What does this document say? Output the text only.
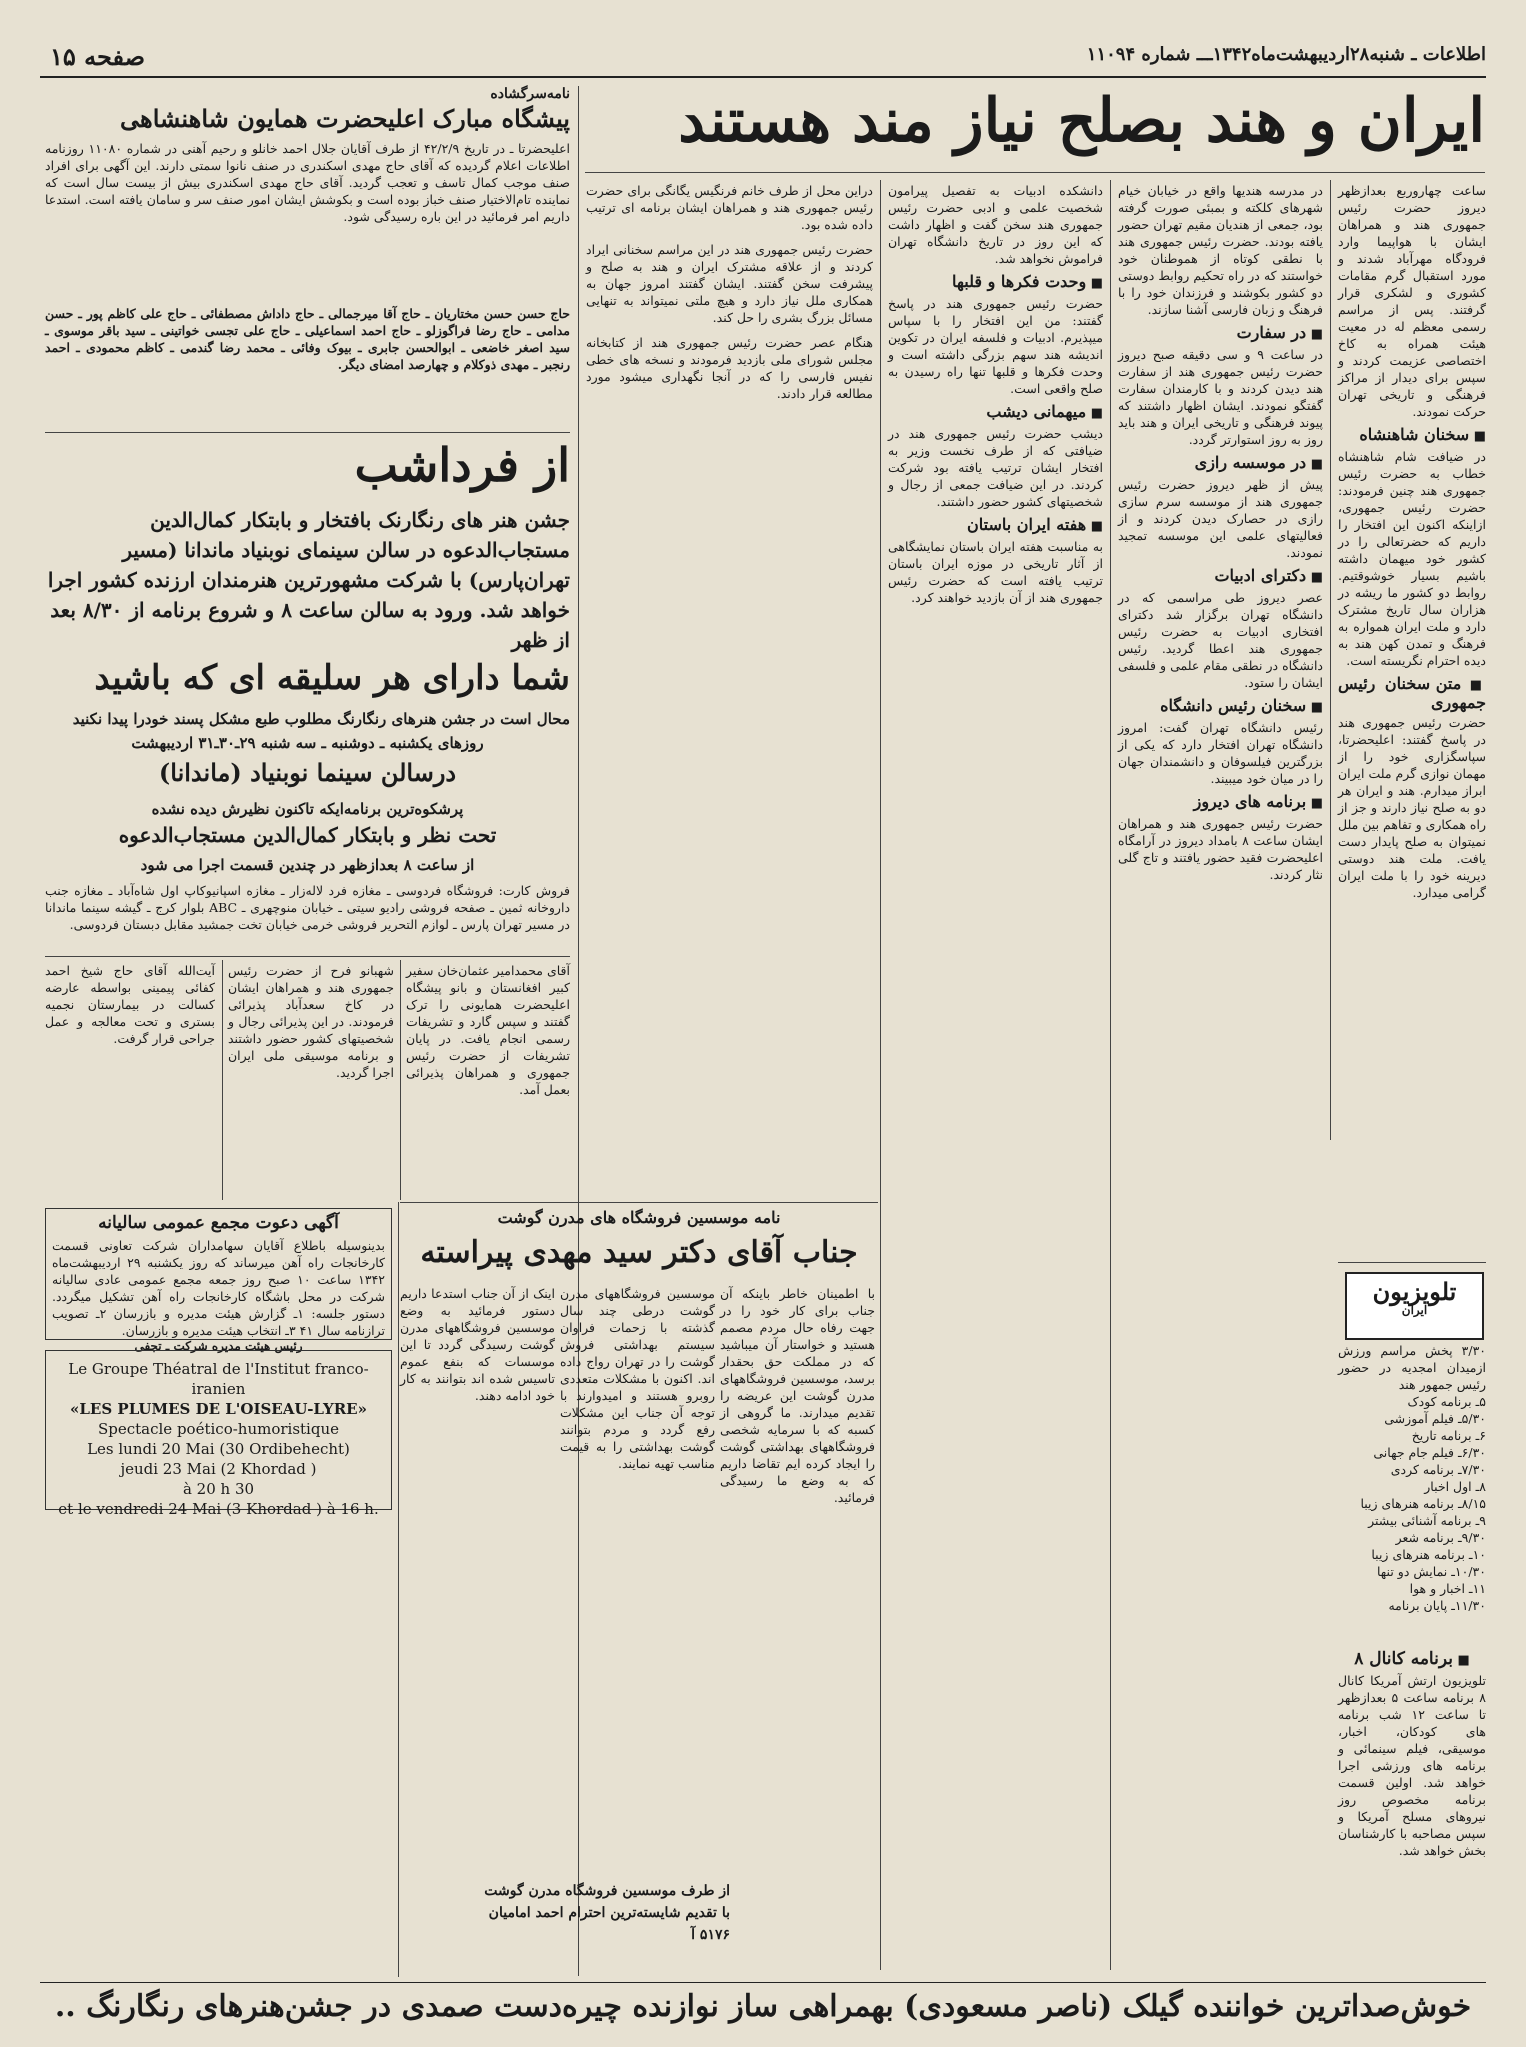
صفحه ۱۵	اطلاعات ـ شنبه۲۸اردیبهشت‌ماه۱۳۴۲ـــ شماره ۱۱۰۹۴
ایران و هند بصلح نیاز مند هستند
ساعت چهاروربع بعدازظهر دیروز حضرت رئیس جمهوری هند و همراهان ایشان با هواپیما وارد فرودگاه مهرآباد شدند و مورد استقبال گرم مقامات کشوری و لشکری قرار گرفتند. پس از مراسم رسمی معظم له در معیت هیئت همراه به کاخ اختصاصی عزیمت کردند و سپس برای دیدار از مراکز فرهنگی و تاریخی تهران حرکت نمودند.
■ سخنان شاهنشاه
در ضیافت شام شاهنشاه خطاب به حضرت رئیس جمهوری هند چنین فرمودند: حضرت رئیس جمهوری، ازاینکه اکنون این افتخار را داریم که حضرتعالی را در کشور خود میهمان داشته باشیم بسیار خوشوقتیم. روابط دو کشور ما ریشه در هزاران سال تاریخ مشترک دارد و ملت ایران همواره به فرهنگ و تمدن کهن هند به دیده احترام نگریسته است.
■ متن سخنان رئیس جمهوری
حضرت رئیس جمهوری هند در پاسخ گفتند: اعلیحضرتا، سپاسگزاری خود را از مهمان نوازی گرم ملت ایران ابراز میدارم. هند و ایران هر دو به صلح نیاز دارند و جز از راه همکاری و تفاهم بین ملل نمیتوان به صلح پایدار دست یافت. ملت هند دوستی دیرینه خود را با ملت ایران گرامی میدارد.
تلویزیون
ایران
۳/۳۰ پخش مراسم ورزش ازمیدان امجدیه در حضور رئیس جمهور هند
۵ـ برنامه کودک
۵/۳۰ـ فیلم آموزشی
۶ـ برنامه تاریخ
۶/۳۰ـ فیلم جام جهانی
۷/۳۰ـ برنامه کردی
۸ـ اول اخبار
۸/۱۵ـ برنامه هنرهای زیبا
۹ـ برنامه آشنائی بیشتر
۹/۳۰ـ برنامه شعر
۱۰ـ برنامه هنرهای زیبا
۱۰/۳۰ـ نمایش دو تنها
۱۱ـ اخبار و هوا
۱۱/۳۰ـ پایان برنامه
■ برنامه کانال ۸
تلویزیون ارتش آمریکا کانال ۸ برنامه ساعت ۵ بعدازظهر تا ساعت ۱۲ شب برنامه های کودکان، اخبار، موسیقی، فیلم سینمائی و برنامه های ورزشی اجرا خواهد شد. اولین قسمت برنامه مخصوص روز نیروهای مسلح آمریکا و سپس مصاحبه با کارشناسان بخش خواهد شد.
در مدرسه هندیها واقع در خیابان خیام شهرهای کلکته و بمبئی صورت گرفته بود، جمعی از هندیان مقیم تهران حضور یافته بودند. حضرت رئیس جمهوری هند با نطقی کوتاه از هموطنان خود خواستند که در راه تحکیم روابط دوستی دو کشور بکوشند و فرزندان خود را با فرهنگ و زبان فارسی آشنا سازند.
■ در سفارت
در ساعت ۹ و سی دقیقه صبح دیروز حضرت رئیس جمهوری هند از سفارت هند دیدن کردند و با کارمندان سفارت گفتگو نمودند. ایشان اظهار داشتند که پیوند فرهنگی و تاریخی ایران و هند باید روز به روز استوارتر گردد.
■ در موسسه رازی
پیش از ظهر دیروز حضرت رئیس جمهوری هند از موسسه سرم سازی رازی در حصارک دیدن کردند و از فعالیتهای علمی این موسسه تمجید نمودند.
■ دکترای ادبیات
عصر دیروز طی مراسمی که در دانشگاه تهران برگزار شد دکترای افتخاری ادبیات به حضرت رئیس جمهوری هند اعطا گردید. رئیس دانشگاه در نطقی مقام علمی و فلسفی ایشان را ستود.
■ سخنان رئیس دانشگاه
رئیس دانشگاه تهران گفت: امروز دانشگاه تهران افتخار دارد که یکی از بزرگترین فیلسوفان و دانشمندان جهان را در میان خود میبیند.
■ برنامه های دیروز
حضرت رئیس جمهوری هند و همراهان ایشان ساعت ۸ بامداد دیروز در آرامگاه اعلیحضرت فقید حضور یافتند و تاج گلی نثار کردند.
دانشکده ادبیات به تفصیل پیرامون شخصیت علمی و ادبی حضرت رئیس جمهوری هند سخن گفت و اظهار داشت که این روز در تاریخ دانشگاه تهران فراموش نخواهد شد.
■ وحدت فکرها و قلبها
حضرت رئیس جمهوری هند در پاسخ گفتند: من این افتخار را با سپاس میپذیرم. ادبیات و فلسفه ایران در تکوین اندیشه هند سهم بزرگی داشته است و وحدت فکرها و قلبها تنها راه رسیدن به صلح واقعی است.
■ میهمانی دیشب
دیشب حضرت رئیس جمهوری هند در ضیافتی که از طرف نخست وزیر به افتخار ایشان ترتیب یافته بود شرکت کردند. در این ضیافت جمعی از رجال و شخصیتهای کشور حضور داشتند.
■ هفته ایران باستان
به مناسبت هفته ایران باستان نمایشگاهی از آثار تاریخی در موزه ایران باستان ترتیب یافته است که حضرت رئیس جمهوری هند از آن بازدید خواهند کرد.
دراین محل از طرف خانم فرنگیس یگانگی برای حضرت رئیس جمهوری هند و همراهان ایشان برنامه ای ترتیب داده شده بود.
حضرت رئیس جمهوری هند در این مراسم سخنانی ایراد کردند و از علاقه مشترک ایران و هند به صلح و پیشرفت سخن گفتند. ایشان گفتند امروز جهان به همکاری ملل نیاز دارد و هیچ ملتی نمیتواند به تنهایی مسائل بزرگ بشری را حل کند.
هنگام عصر حضرت رئیس جمهوری هند از کتابخانه مجلس شورای ملی بازدید فرمودند و نسخه های خطی نفیس فارسی را که در آنجا نگهداری میشود مورد مطالعه قرار دادند.
نامه موسسین فروشگاه های مدرن گوشت
جناب آقای دکتر سید مهدی پیراسته
با اطمینان خاطر باینکه آن جناب برای کار خود را در جهت رفاه حال مردم مصمم هستید و خواستار آن میباشید که در مملکت حق بحقدار برسد، موسسین فروشگاههای مدرن گوشت این عریضه را تقدیم میدارند. ما گروهی از کسبه که با سرمایه شخصی فروشگاههای بهداشتی گوشت را ایجاد کرده ایم تقاضا داریم که به وضع ما رسیدگی فرمائید.
موسسین فروشگاههای مدرن گوشت درطی چند سال گذشته با زحمات فراوان سیستم بهداشتی فروش گوشت را در تهران رواج داده اند. اکنون با مشکلات متعددی روبرو هستند و امیدوارند با توجه آن جناب این مشکلات رفع گردد و مردم بتوانند گوشت بهداشتی را به قیمت مناسب تهیه نمایند.
اینک از آن جناب استدعا داریم دستور فرمائید به وضع موسسین فروشگاههای مدرن گوشت رسیدگی گردد تا این موسسات که بنفع عموم تاسیس شده اند بتوانند به کار خود ادامه دهند.
از طرف موسسین فروشگاه مدرن گوشت
با تقدیم شایسته‌ترین احترام احمد امامیان
۵۱۷۶ آ
نامه‌سرگشاده
پیشگاه مبارک اعلیحضرت همایون شاهنشاهی
اعلیحضرتا ـ در تاریخ ۴۲/۲/۹ از طرف آقایان جلال احمد خانلو و رحیم آهنی در شماره ۱۱۰۸۰ روزنامه اطلاعات اعلام گردیده که آقای حاج مهدی اسکندری در صنف نانوا سمتی دارند. این آگهی برای افراد صنف موجب کمال تاسف و تعجب گردید. آقای حاج مهدی اسکندری بیش از بیست سال است که نماینده تام‌الاختیار صنف خباز بوده است و بکوشش ایشان امور صنف سر و سامان یافته است. استدعا داریم امر فرمائید در این باره رسیدگی شود.
حاج حسن حسن مختاریان ـ حاج آقا میرجمالی ـ حاج داداش مصطفائی ـ حاج علی کاظم پور ـ حسن مدامی ـ حاج رضا فراگوزلو ـ حاج احمد اسماعیلی ـ حاج علی تجسی خواتینی ـ سید باقر موسوی ـ سید اصغر خاضعی ـ ابوالحسن جابری ـ بیوک وفائی ـ محمد رضا گندمی ـ کاظم محمودی ـ احمد رنجبر ـ مهدی ذوکلام و چهارصد امضای دیگر.
از فرداشب
جشن هنر های رنگارنک بافتخار و بابتکار کمال‌الدین مستجاب‌الدعوه در سالن سینمای نوبنیاد ماندانا (مسیر تهران‌پارس) با شرکت مشهورترین هنرمندان ارزنده کشور اجرا خواهد شد. ورود به سالن ساعت ۸ و شروع برنامه از ۸/۳۰ بعد از ظهر
شما دارای هر سلیقه ای که باشید
محال است در جشن هنرهای رنگارنگ مطلوب طبع مشکل پسند خودرا پیدا نکنید
روزهای یکشنبه ـ دوشنبه ـ سه شنبه ۲۹ـ۳۰ـ۳۱ اردیبهشت
درسالن سینما نوبنیاد (ماندانا)
پرشکوه‌ترین برنامه‌ایکه تاکنون نظیرش دیده نشده
تحت نظر و بابتکار کمال‌الدین مستجاب‌الدعوه
از ساعت ۸ بعدازظهر در چندین قسمت اجرا می شود
فروش کارت: فروشگاه فردوسی ـ مغازه فرد لاله‌زار ـ مغازه اسپانیوکاپ اول شاه‌آباد ـ مغازه جنب داروخانه ثمین ـ صفحه فروشی رادیو سیتی ـ خیابان منوچهری ـ ABC بلوار کرج ـ گیشه سینما ماندانا در مسیر تهران پارس ـ لوازم التحریر فروشی خرمی خیابان تخت جمشید مقابل دبستان فردوسی.
آقای محمدامیر عثمان‌خان سفیر کبیر افغانستان و بانو پیشگاه اعلیحضرت همایونی را ترک گفتند و سپس گارد و تشریفات رسمی انجام یافت. در پایان تشریفات از حضرت رئیس جمهوری و همراهان پذیرائی بعمل آمد.
شهبانو فرح از حضرت رئیس جمهوری هند و همراهان ایشان در کاخ سعدآباد پذیرائی فرمودند. در این پذیرائی رجال و شخصیتهای کشور حضور داشتند و برنامه موسیقی ملی ایران اجرا گردید.
آیت‌الله آقای حاج شیخ احمد کفائی پیمینی بواسطه عارضه کسالت در بیمارستان نجمیه بستری و تحت معالجه و عمل جراحی قرار گرفت.
آگهی دعوت مجمع عمومی سالیانه
بدینوسیله باطلاع آقایان سهامداران شرکت تعاونی قسمت کارخانجات راه آهن میرساند که روز یکشنبه ۲۹ اردیبهشت‌ماه ۱۳۴۲ ساعت ۱۰ صبح روز جمعه مجمع عمومی عادی سالیانه شرکت در محل باشگاه کارخانجات راه آهن تشکیل میگردد. دستور جلسه: ۱ـ گزارش هیئت مدیره و بازرسان ۲ـ تصویب ترازنامه سال ۴۱ ۳ـ انتخاب هیئت مدیره و بازرسان.
رئیس هیئت مدیره شرکت ـ تجفی
Le Groupe Théatral de l'Institut franco-iranien
«LES PLUMES DE L'OISEAU-LYRE»
Spectacle poético-humoristique
Les lundi 20 Mai (30 Ordibehecht)
jeudi 23 Mai (2 Khordad )
à 20 h 30
et le vendredi 24 Mai (3 Khordad ) à 16 h.
خوش‌صداترین خواننده گیلک (ناصر مسعودی) بهمراهی ساز نوازنده چیره‌دست صمدی در جشن‌هنرهای رنگارنگ ..
